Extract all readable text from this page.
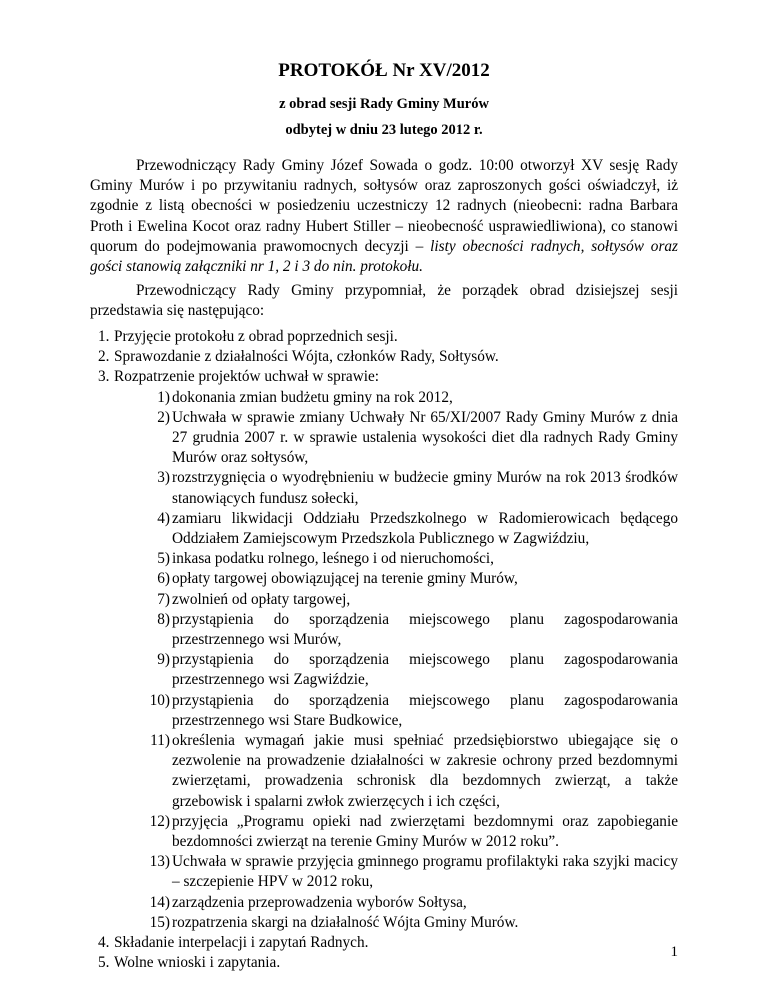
PROTOKÓŁ Nr XV/2012
z obrad sesji Rady Gminy Murów
odbytej w dniu 23 lutego 2012 r.

Przewodniczący Rady Gminy Józef Sowada o godz. 10:00 otworzył XV sesję Rady Gminy Murów i po przywitaniu radnych, sołtysów oraz zaproszonych gości oświadczył, iż zgodnie z listą obecności w posiedzeniu uczestniczy 12 radnych (nieobecni: radna Barbara Proth i Ewelina Kocot oraz radny Hubert Stiller – nieobecność usprawiedliwiona), co stanowi quorum do podejmowania prawomocnych decyzji – listy obecności radnych, sołtysów oraz gości stanowią załączniki nr 1, 2 i 3 do nin. protokołu.

Przewodniczący Rady Gminy przypomniał, że porządek obrad dzisiejszej sesji przedstawia się następująco:

1. Przyjęcie protokołu z obrad poprzednich sesji.
2. Sprawozdanie z działalności Wójta, członków Rady, Sołtysów.
3. Rozpatrzenie projektów uchwał w sprawie:
1) dokonania zmian budżetu gminy na rok 2012,
2) Uchwała w sprawie zmiany Uchwały Nr 65/XI/2007 Rady Gminy Murów z dnia 27 grudnia 2007 r. w sprawie ustalenia wysokości diet dla radnych Rady Gminy Murów oraz sołtysów,
3) rozstrzygnięcia o wyodrębnieniu w budżecie gminy Murów na rok 2013 środków stanowiących fundusz sołecki,
4) zamiaru likwidacji Oddziału Przedszkolnego w Radomierowicach będącego Oddziałem Zamiejscowym Przedszkola Publicznego w Zagwiździu,
5) inkasa podatku rolnego, leśnego i od nieruchomości,
6) opłaty targowej obowiązującej na terenie gminy Murów,
7) zwolnień od opłaty targowej,
8) przystąpienia do sporządzenia miejscowego planu zagospodarowania przestrzennego wsi Murów,
9) przystąpienia do sporządzenia miejscowego planu zagospodarowania przestrzennego wsi Zagwiździe,
10) przystąpienia do sporządzenia miejscowego planu zagospodarowania przestrzennego wsi Stare Budkowice,
11) określenia wymagań jakie musi spełniać przedsiębiorstwo ubiegające się o zezwolenie na prowadzenie działalności w zakresie ochrony przed bezdomnymi zwierzętami, prowadzenia schronisk dla bezdomnych zwierząt, a także grzebowisk i spalarni zwłok zwierzęcych i ich części,
12) przyjęcia „Programu opieki nad zwierzętami bezdomnymi oraz zapobieganie bezdomności zwierząt na terenie Gminy Murów w 2012 roku”.
13) Uchwała w sprawie przyjęcia gminnego programu profilaktyki raka szyjki macicy – szczepienie HPV w 2012 roku,
14) zarządzenia przeprowadzenia wyborów Sołtysa,
15) rozpatrzenia skargi na działalność Wójta Gminy Murów.
4. Składanie interpelacji i zapytań Radnych.
5. Wolne wnioski i zapytania.
1
